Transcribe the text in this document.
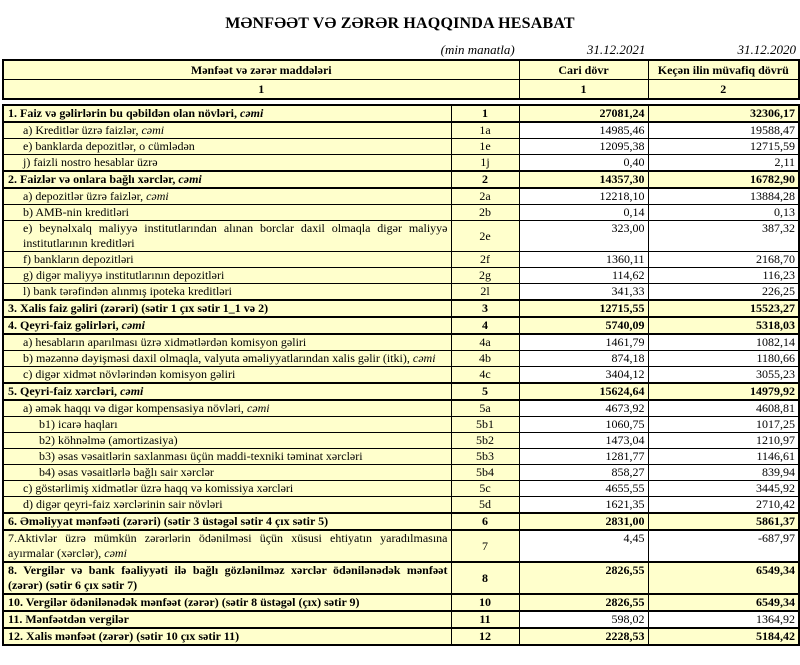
MƏNFƏƏT VƏ ZƏRƏR HAQQINDA HESABAT
(min manatla)	31.12.2021	31.12.2020
Mənfəət və zərər maddələri	Cari dövr	Keçən ilin müvafiq dövrü
1	1	2
1. Faiz və gəlirlərin bu qəbildən olan növləri, cəmi	1	27081,24	32306,17
a) Kreditlər üzrə faizlər, cəmi	1a	14985,46	19588,47
e) banklarda depozitlər, o cümlədən	1e	12095,38	12715,59
j) faizli nostro hesablar üzrə	1j	0,40	2,11
2. Faizlər və onlara bağlı xərclər, cəmi	2	14357,30	16782,90
a) depozitlər üzrə faizlər, cəmi	2a	12218,10	13884,28
b) AMB-nin kreditləri	2b	0,14	0,13
e) beynəlxalq maliyyə institutlarından alınan borclar daxil olmaqla digər maliyyə institutlarının kreditləri	2e	323,00	387,32
f) bankların depozitləri	2f	1360,11	2168,70
g) digər maliyyə institutlarının depozitləri	2g	114,62	116,23
l) bank tərəfindən alınmış ipoteka kreditləri	2l	341,33	226,25
3. Xalis faiz gəliri (zərəri) (sətir 1 çıx sətir 1_1 və 2)	3	12715,55	15523,27
4. Qeyri-faiz gəlirləri, cəmi	4	5740,09	5318,03
a) hesabların aparılması üzrə xidmətlərdən komisyon gəliri	4a	1461,79	1082,14
b) məzənnə dəyişməsi daxil olmaqla, valyuta əməliyyatlarından xalis gəlir (itki), cəmi	4b	874,18	1180,66
c) digər xidmət növlərindən komisyon gəliri	4c	3404,12	3055,23
5. Qeyri-faiz xərcləri, cəmi	5	15624,64	14979,92
a) əmək haqqı və digər kompensasiya növləri, cəmi	5a	4673,92	4608,81
b1) icarə haqları	5b1	1060,75	1017,25
b2) köhnəlmə (amortizasiya)	5b2	1473,04	1210,97
b3) əsas vəsaitlərin saxlanması üçün maddi-texniki təminat xərcləri	5b3	1281,77	1146,61
b4) əsas vəsaitlərlə bağlı sair xərclər	5b4	858,27	839,94
c) göstərlimiş xidmətlər üzrə haqq və komissiya xərcləri	5c	4655,55	3445,92
d) digər qeyri-faiz xərclərinin sair növləri	5d	1621,35	2710,42
6. Əməliyyat mənfəəti (zərəri) (sətir 3 üstəgəl sətir 4 çıx sətir 5)	6	2831,00	5861,37
7.Aktivlər üzrə mümkün zərərlərin ödənilməsi üçün xüsusi ehtiyatın yaradılmasına ayırmalar (xərclər), cəmi	7	4,45	-687,97
8. Vergilər və bank fəaliyyəti ilə bağlı gözlənilməz xərclər ödənilənədək mənfəət (zərər) (sətir 6 çıx sətir 7)	8	2826,55	6549,34
10. Vergilər ödənilənədək mənfəət (zərər) (sətir 8 üstəgəl (çıx) sətir 9)	10	2826,55	6549,34
11. Mənfəətdən vergilər	11	598,02	1364,92
12. Xalis mənfəət (zərər) (sətir 10 çıx sətir 11)	12	2228,53	5184,42
